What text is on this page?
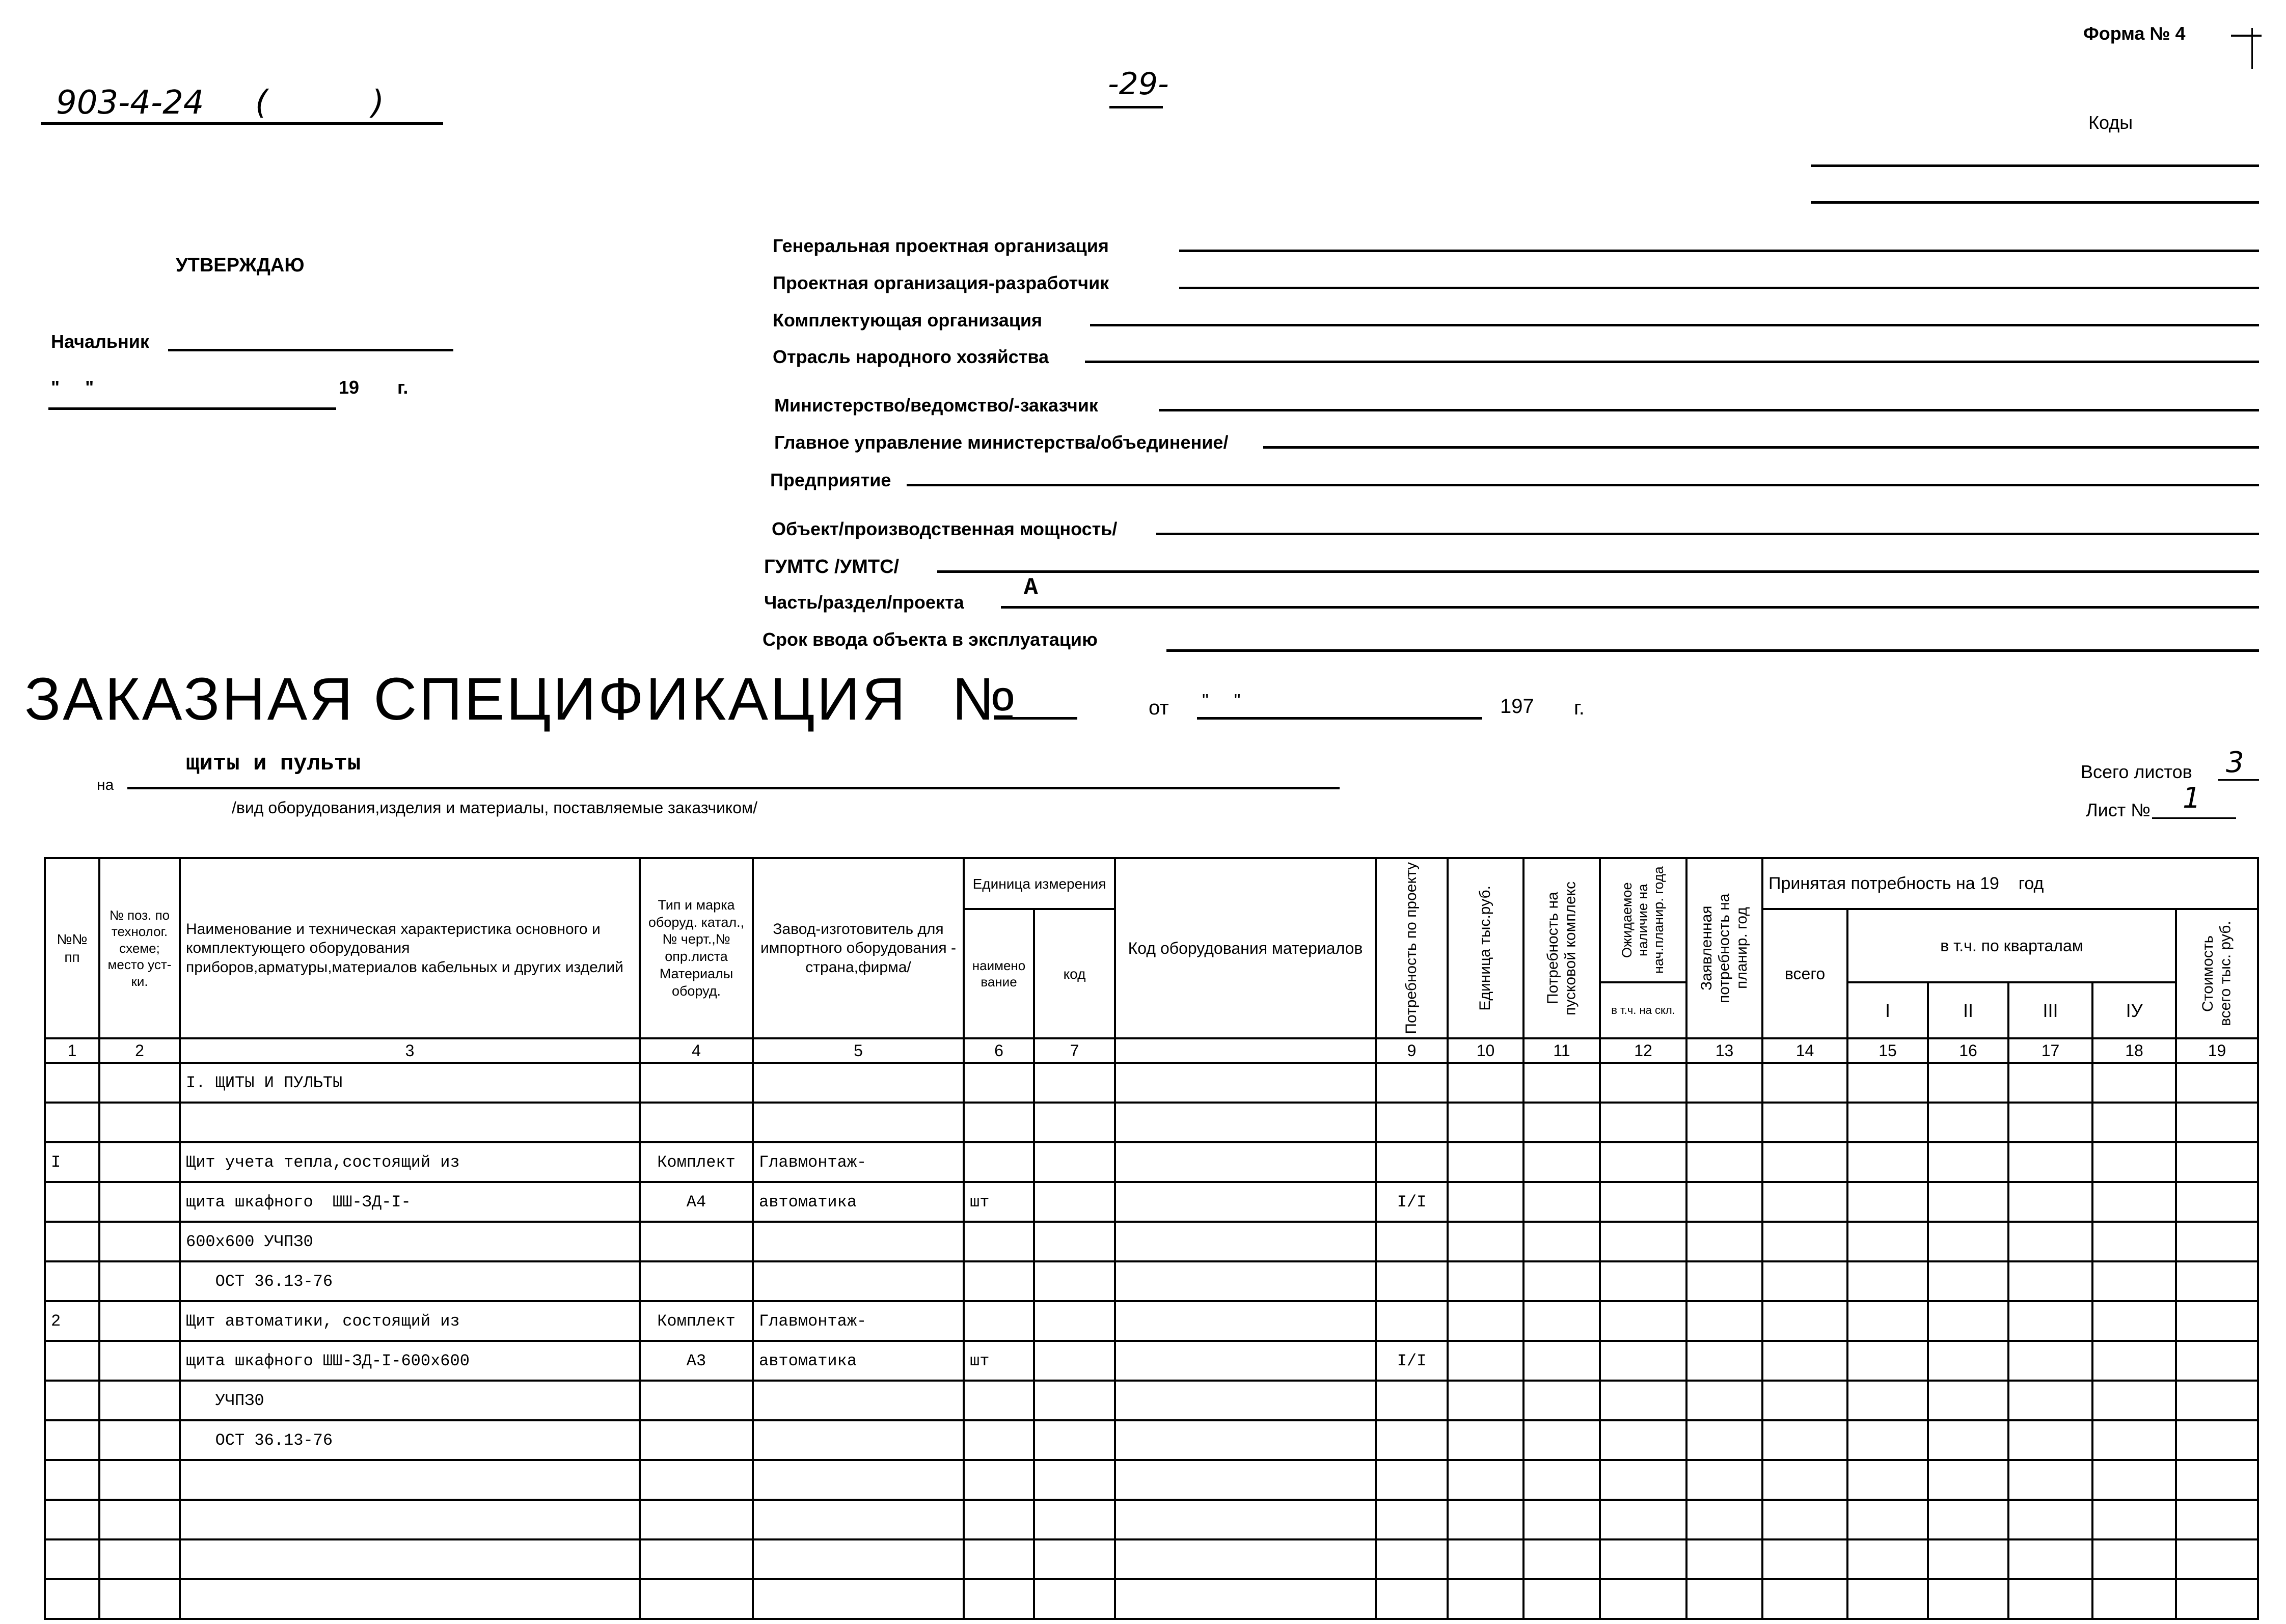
903-4-24 (          )	-29-
Форма № 4
Коды
УТВЕРЖДАЮ
Начальник
"     "	19 г.
Генеральная проектная организация
Проектная организация-разработчик
Комплектующая организация
Отрасль народного хозяйства
Министерство/ведомство/-заказчик
Главное управление министерства/объединение/
Предприятие
Объект/производственная мощность/
ГУМТС /УМТС/
Часть/раздел/проекта
А
Срок ввода объекта в эксплуатацию
ЗАКАЗНАЯ СПЕЦИФИКАЦИЯ №	от "     "	197 г.
щиты и пульты
на
/вид оборудования,изделия и материалы, поставляемые заказчиком/
Всего листов 3
Лист № 1
№№ пп	№ поз. по технолог. схеме; место уст-ки.	Наименование и техническая характеристика основного и комплектующего оборудования приборов,арматуры,материалов кабельных и других изделий	Тип и марка оборуд. катал.,№ черт.,№ опр.листа Материалы оборуд.	Завод-изготовитель для импортного оборудования - страна,фирма/	Единица измерения		Код оборудования материалов	Потребность по проекту	Единица тыс.руб.	Потребность на пусковой комплекс	Ожидаемое наличие на нач.планир. года	Заявленная потребность на планир. год	Принятая потребность на 19    год					
					наименование	код							всего	в т.ч. по кварталам				Стоимость всего тыс. руб.

											в т.ч. на скл.			I	II	III	IУ	
1	2	3	4	5	6	7		9	10	11	12	13	14	15	16	17	18	19
		I. ЩИТЫ И ПУЛЬТЫ																

I		Щит учета тепла,состоящий из	Комплект	Главмонтаж-														
		щита шкафного  ШШ-ЗД-I-	А4	автоматика	шт			I/I										
		600х600 УЧПЗ0																
		ОСТ 36.13-76																
2		Щит автоматики, состоящий из	Комплект	Главмонтаж-														
		щита шкафного ШШ-ЗД-I-600х600	А3	автоматика	шт			I/I										
		УЧПЗ0																
		ОСТ 36.13-76																
